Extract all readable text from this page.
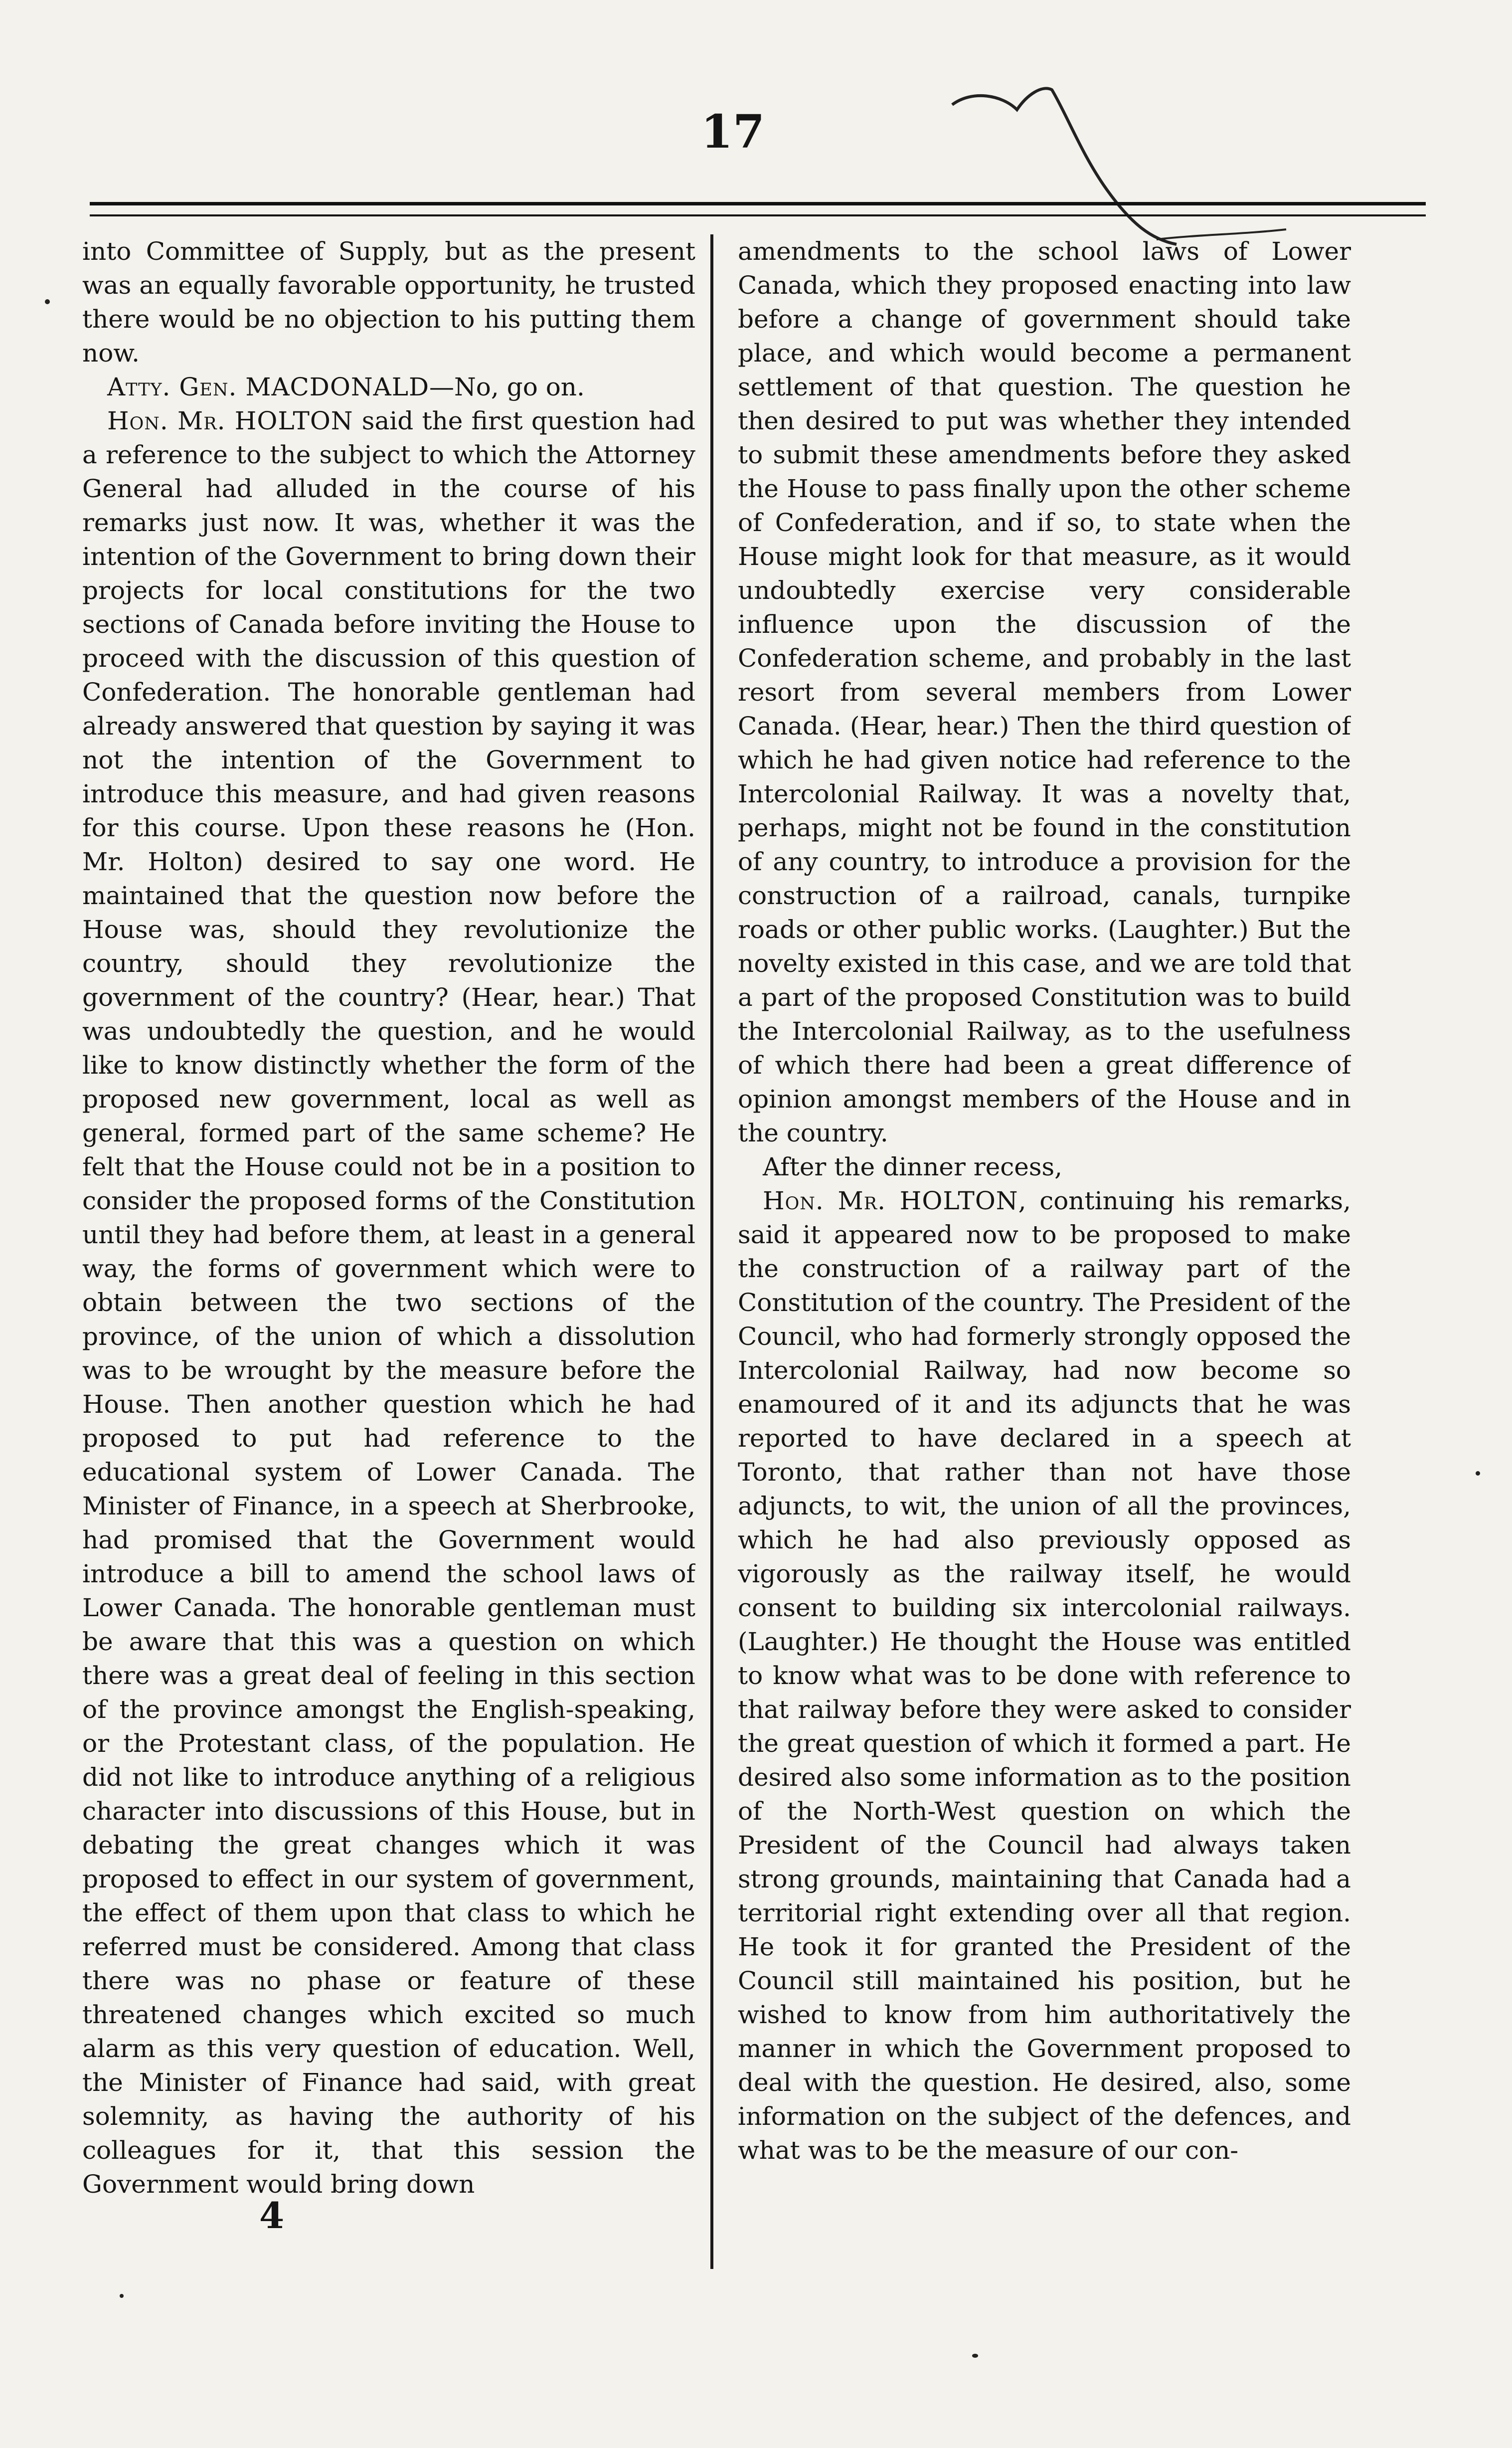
17

into Committee of Supply, but as the present was an equally favorable opportunity, he trusted there would be no objection to his putting them now.

Atty. Gen. MACDONALD—No, go on.

Hon. Mr. HOLTON said the first question had a reference to the subject to which the Attorney General had alluded in the course of his remarks just now. It was, whether it was the intention of the Government to bring down their projects for local constitutions for the two sections of Canada before inviting the House to proceed with the discussion of this question of Confederation. The honorable gentleman had already answered that question by saying it was not the intention of the Government to introduce this measure, and had given reasons for this course. Upon these reasons he (Hon. Mr. Holton) desired to say one word. He maintained that the question now before the House was, should they revolutionize the country, should they revolutionize the government of the country? (Hear, hear.) That was undoubtedly the question, and he would like to know distinctly whether the form of the proposed new government, local as well as general, formed part of the same scheme? He felt that the House could not be in a position to consider the proposed forms of the Constitution until they had before them, at least in a general way, the forms of government which were to obtain between the two sections of the province, of the union of which a dissolution was to be wrought by the measure before the House. Then another question which he had proposed to put had reference to the educational system of Lower Canada. The Minister of Finance, in a speech at Sherbrooke, had promised that the Government would introduce a bill to amend the school laws of Lower Canada. The honorable gentleman must be aware that this was a question on which there was a great deal of feeling in this section of the province amongst the English-speaking, or the Protestant class, of the population. He did not like to introduce anything of a religious character into discussions of this House, but in debating the great changes which it was proposed to effect in our system of government, the effect of them upon that class to which he referred must be considered. Among that class there was no phase or feature of these threatened changes which excited so much alarm as this very question of education. Well, the Minister of Finance had said, with great solemnity, as having the authority of his colleagues for it, that this session the Government would bring down

amendments to the school laws of Lower Canada, which they proposed enacting into law before a change of government should take place, and which would become a permanent settlement of that question. The question he then desired to put was whether they intended to submit these amendments before they asked the House to pass finally upon the other scheme of Confederation, and if so, to state when the House might look for that measure, as it would undoubtedly exercise very considerable influence upon the discussion of the Confederation scheme, and probably in the last resort from several members from Lower Canada. (Hear, hear.) Then the third question of which he had given notice had reference to the Intercolonial Railway. It was a novelty that, perhaps, might not be found in the constitution of any country, to introduce a provision for the construction of a railroad, canals, turnpike roads or other public works. (Laughter.) But the novelty existed in this case, and we are told that a part of the proposed Constitution was to build the Intercolonial Railway, as to the usefulness of which there had been a great difference of opinion amongst members of the House and in the country.

After the dinner recess,

Hon. Mr. HOLTON, continuing his remarks, said it appeared now to be proposed to make the construction of a railway part of the Constitution of the country. The President of the Council, who had formerly strongly opposed the Intercolonial Railway, had now become so enamoured of it and its adjuncts that he was reported to have declared in a speech at Toronto, that rather than not have those adjuncts, to wit, the union of all the provinces, which he had also previously opposed as vigorously as the railway itself, he would consent to building six intercolonial railways. (Laughter.) He thought the House was entitled to know what was to be done with reference to that railway before they were asked to consider the great question of which it formed a part. He desired also some information as to the position of the North-West question on which the President of the Council had always taken strong grounds, maintaining that Canada had a territorial right extending over all that region. He took it for granted the President of the Council still maintained his position, but he wished to know from him authoritatively the manner in which the Government proposed to deal with the question. He desired, also, some information on the subject of the defences, and what was to be the measure of our con-

4
